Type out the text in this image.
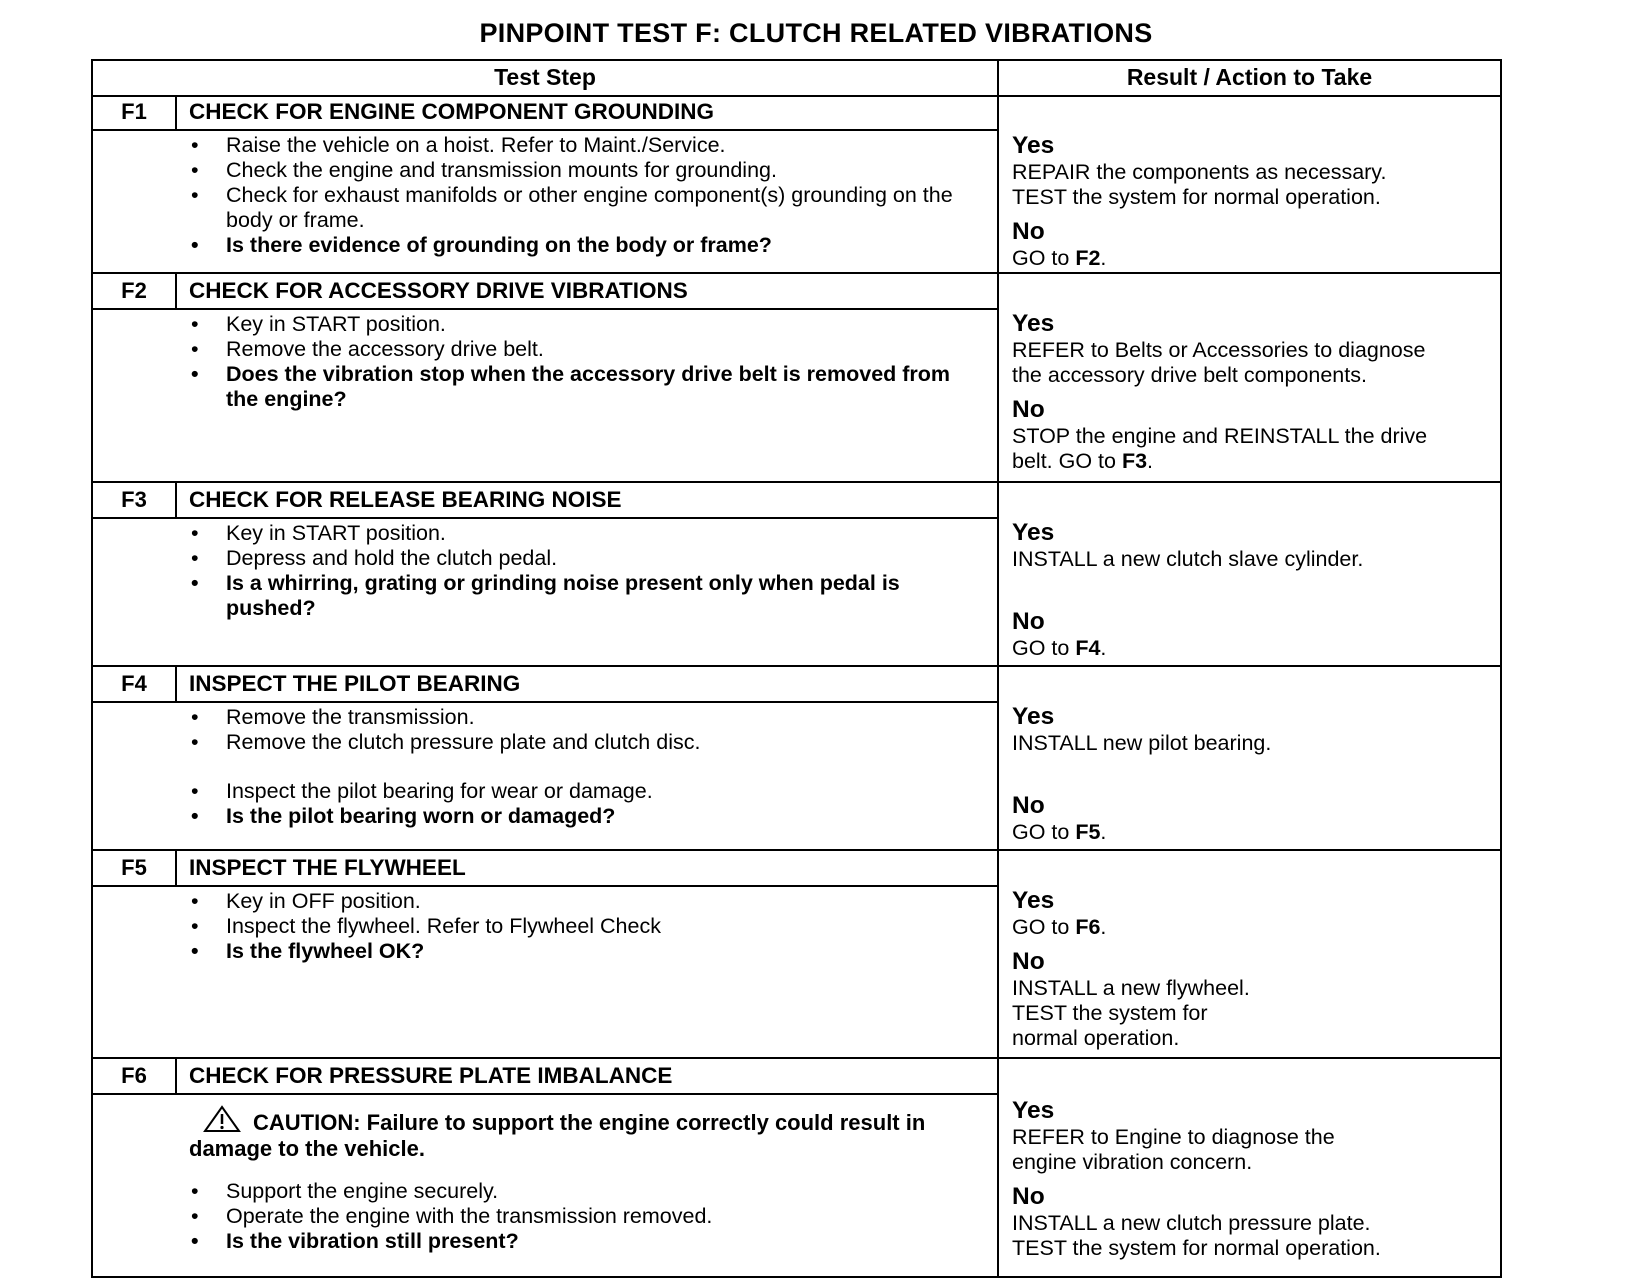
PINPOINT TEST F: CLUTCH RELATED VIBRATIONS
Test Step	Result / Action to Take
F1	CHECK FOR ENGINE COMPONENT GROUNDING
• Raise the vehicle on a hoist. Refer to Maint./Service.
• Check the engine and transmission mounts for grounding.
• Check for exhaust manifolds or other engine component(s) grounding on the body or frame.
• Is there evidence of grounding on the body or frame?
Yes
REPAIR the components as necessary.
TEST the system for normal operation.
No
GO to F2.
F2	CHECK FOR ACCESSORY DRIVE VIBRATIONS
• Key in START position.
• Remove the accessory drive belt.
• Does the vibration stop when the accessory drive belt is removed from the engine?
Yes
REFER to Belts or Accessories to diagnose
the accessory drive belt components.
No
STOP the engine and REINSTALL the drive belt. GO to F3.
F3	CHECK FOR RELEASE BEARING NOISE
• Key in START position.
• Depress and hold the clutch pedal.
• Is a whirring, grating or grinding noise present only when pedal is pushed?
Yes
INSTALL a new clutch slave cylinder.
No
GO to F4.
F4	INSPECT THE PILOT BEARING
• Remove the transmission.
• Remove the clutch pressure plate and clutch disc.
• Inspect the pilot bearing for wear or damage.
• Is the pilot bearing worn or damaged?
Yes
INSTALL new pilot bearing.
No
GO to F5.
F5	INSPECT THE FLYWHEEL
• Key in OFF position.
• Inspect the flywheel. Refer to Flywheel Check
• Is the flywheel OK?
Yes
GO to F6.
No
INSTALL a new flywheel.
TEST the system for
normal operation.
F6	CHECK FOR PRESSURE PLATE IMBALANCE
CAUTION: Failure to support the engine correctly could result in damage to the vehicle.
• Support the engine securely.
• Operate the engine with the transmission removed.
• Is the vibration still present?
Yes
REFER to Engine to diagnose the
engine vibration concern.
No
INSTALL a new clutch pressure plate.
TEST the system for normal operation.
